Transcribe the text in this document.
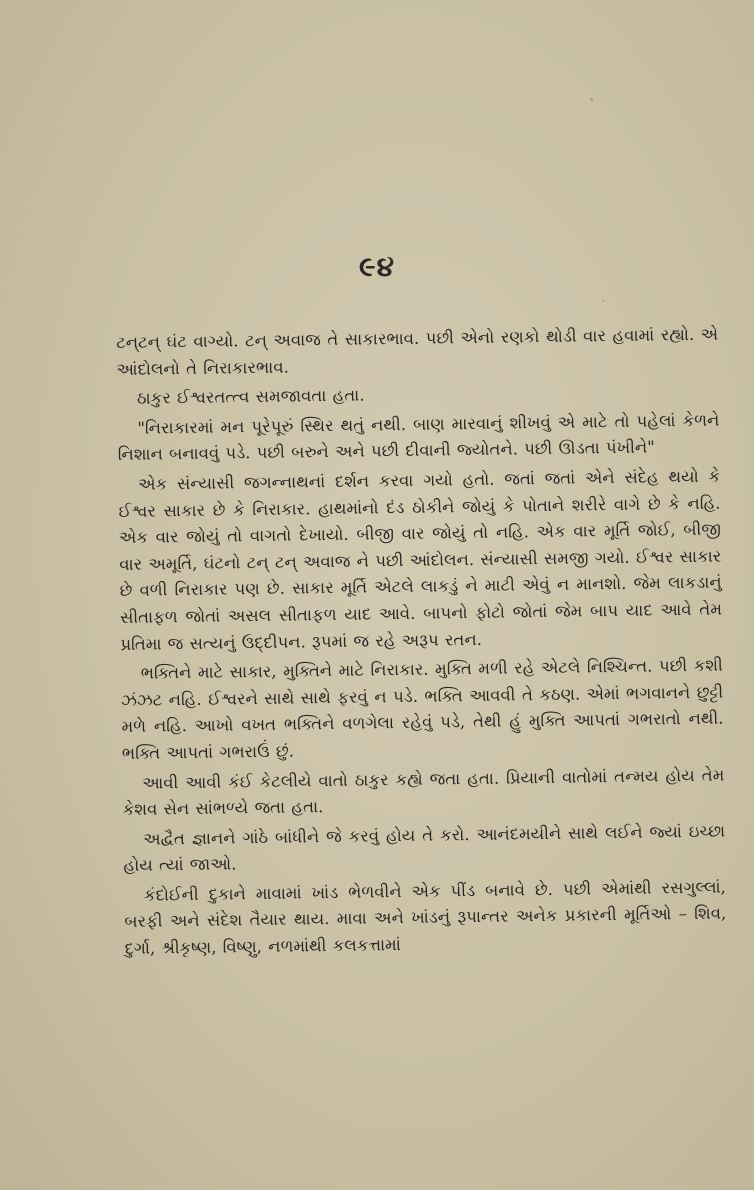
૯૪

ટન્‌ટન્‌ ઘંટ વાગ્યો. ટન્‌ અવાજ તે સાકારભાવ. પછી એનો રણકો થોડી વાર હવામાં રહ્યો. એ આંદોલનો તે નિરાકારભાવ.

ઠાકુર ઈશ્વરતત્ત્વ સમજાવતા હતા.

"નિરાકારમાં મન પૂરેપૂરું સ્થિર થતું નથી. બાણ મારવાનું શીખવું એ માટે તો પહેલાં કેળને નિશાન બનાવવું પડે. પછી બરુને અને પછી દીવાની જ્યોતને. પછી ઊડતા પંખીને"

એક સંન્યાસી જગન્નાથનાં દર્શન કરવા ગયો હતો. જતાં જતાં એને સંદેહ થયો કે ઈશ્વર સાકાર છે કે નિરાકાર. હાથમાંનો દંડ ઠોકીને જોયું કે પોતાને શરીરે વાગે છે કે નહિ. એક વાર જોયું તો વાગતો દેખાયો. બીજી વાર જોયું તો નહિ. એક વાર મૂર્તિ જોઈ, બીજી વાર અમૂર્તિ, ઘંટનો ટન્‌ ટન્‌ અવાજ ને પછી આંદોલન. સંન્યાસી સમજી ગયો. ઈશ્વર સાકાર છે વળી નિરાકાર પણ છે. સાકાર મૂર્તિ એટલે લાકડું ને માટી એવું ન માનશો. જેમ લાકડાનું સીતાફળ જોતાં અસલ સીતાફળ યાદ આવે. બાપનો ફોટો જોતાં જેમ બાપ યાદ આવે તેમ પ્રતિમા જ સત્યનું ઉદ્દીપન. રૂપમાં જ રહે અરૂપ રતન.

ભક્તિને માટે સાકાર, મુક્તિને માટે નિરાકાર. મુક્તિ મળી રહે એટલે નિશ્ચિન્ત. પછી કશી ઝંઝટ નહિ. ઈશ્વરને સાથે સાથે ફરવું ન પડે. ભક્તિ આવવી તે કઠણ. એમાં ભગવાનને છુટ્ટી મળે નહિ. આખો વખત ભક્તિને વળગેલા રહેવું પડે, તેથી હું મુક્તિ આપતાં ગભરાતો નથી. ભક્તિ આપતાં ગભરાઉં છું.

આવી આવી કંઈ કેટલીયે વાતો ઠાકુર કહ્યે જતા હતા. પ્રિયાની વાતોમાં તન્મય હોય તેમ કેશવ સેન સાંભળ્યે જતા હતા.

અદ્વૈત જ્ઞાનને ગાંઠે બાંધીને જે કરવું હોય તે કરો. આનંદમયીને સાથે લઈને જ્યાં ઇચ્છા હોય ત્યાં જાઓ.

કંદોઈની દુકાને માવામાં ખાંડ ભેળવીને એક પીંડ બનાવે છે. પછી એમાંથી રસગુલ્લાં, બરફી અને સંદેશ તૈયાર થાય. માવા અને ખાંડનું રૂપાન્તર અનેક પ્રકારની મૂર્તિઓ – શિવ, દુર્ગા, શ્રીકૃષ્ણ, વિષ્ણુ, નળમાંથી કલકત્તામાં
